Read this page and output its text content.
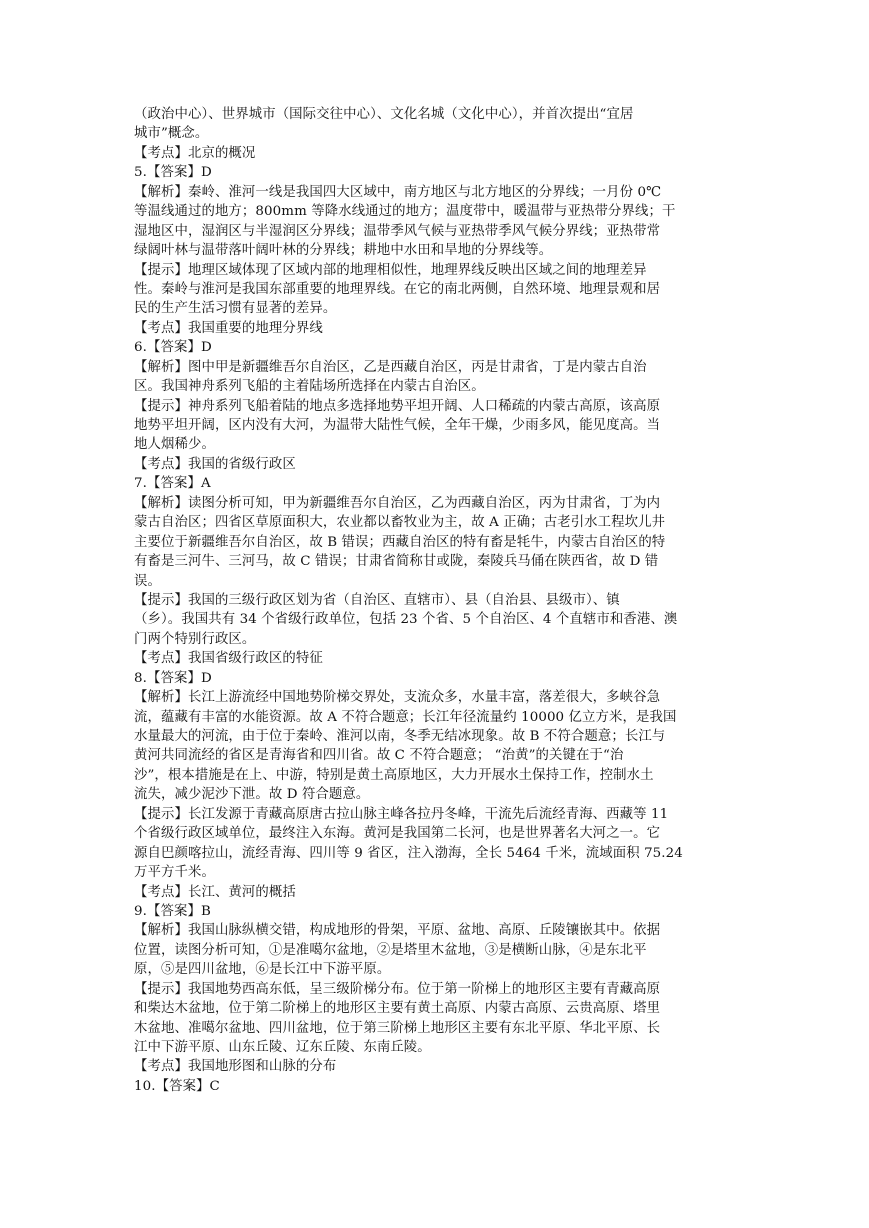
（政治中心）、世界城市（国际交往中心）、文化名城（文化中心），并首次提出“宜居
城市”概念。
【考点】北京的概况
5.【答案】D
【解析】秦岭、淮河一线是我国四大区域中，南方地区与北方地区的分界线；一月份 0℃
等温线通过的地方；800mm 等降水线通过的地方；温度带中，暖温带与亚热带分界线；干
湿地区中，湿润区与半湿润区分界线；温带季风气候与亚热带季风气候分界线；亚热带常
绿阔叶林与温带落叶阔叶林的分界线；耕地中水田和旱地的分界线等。
【提示】地理区域体现了区域内部的地理相似性，地理界线反映出区域之间的地理差异
性。秦岭与淮河是我国东部重要的地理界线。在它的南北两侧，自然环境、地理景观和居
民的生产生活习惯有显著的差异。
【考点】我国重要的地理分界线
6.【答案】D
【解析】图中甲是新疆维吾尔自治区，乙是西藏自治区，丙是甘肃省，丁是内蒙古自治
区。我国神舟系列飞船的主着陆场所选择在内蒙古自治区。
【提示】神舟系列飞船着陆的地点多选择地势平坦开阔、人口稀疏的内蒙古高原，该高原
地势平坦开阔，区内没有大河，为温带大陆性气候，全年干燥，少雨多风，能见度高。当
地人烟稀少。
【考点】我国的省级行政区
7.【答案】A
【解析】读图分析可知，甲为新疆维吾尔自治区，乙为西藏自治区，丙为甘肃省，丁为内
蒙古自治区；四省区草原面积大，农业都以畜牧业为主，故 A 正确；古老引水工程坎儿井
主要位于新疆维吾尔自治区，故 B 错误；西藏自治区的特有畜是牦牛，内蒙古自治区的特
有畜是三河牛、三河马，故 C 错误；甘肃省简称甘或陇，秦陵兵马俑在陕西省，故 D 错
误。
【提示】我国的三级行政区划为省（自治区、直辖市）、县（自治县、县级市）、镇
（乡）。我国共有 34 个省级行政单位，包括 23 个省、5 个自治区、4 个直辖市和香港、澳
门两个特别行政区。
【考点】我国省级行政区的特征
8.【答案】D
【解析】长江上游流经中国地势阶梯交界处，支流众多，水量丰富，落差很大，多峡谷急
流，蕴藏有丰富的水能资源。故 A 不符合题意；长江年径流量约 10000 亿立方米，是我国
水量最大的河流，由于位于秦岭、淮河以南，冬季无结冰现象。故 B 不符合题意；长江与
黄河共同流经的省区是青海省和四川省。故 C 不符合题意； “治黄”的关键在于“治
沙”，根本措施是在上、中游，特别是黄土高原地区，大力开展水土保持工作，控制水土
流失，减少泥沙下泄。故 D 符合题意。
【提示】长江发源于青藏高原唐古拉山脉主峰各拉丹冬峰，干流先后流经青海、西藏等 11
个省级行政区域单位，最终注入东海。黄河是我国第二长河，也是世界著名大河之一。它
源自巴颜喀拉山，流经青海、四川等 9 省区，注入渤海，全长 5464 千米，流域面积 75.24
万平方千米。
【考点】长江、黄河的概括
9.【答案】B
【解析】我国山脉纵横交错，构成地形的骨架，平原、盆地、高原、丘陵镶嵌其中。依据
位置，读图分析可知，①是准噶尔盆地，②是塔里木盆地，③是横断山脉，④是东北平
原，⑤是四川盆地，⑥是长江中下游平原。
【提示】我国地势西高东低，呈三级阶梯分布。位于第一阶梯上的地形区主要有青藏高原
和柴达木盆地，位于第二阶梯上的地形区主要有黄土高原、内蒙古高原、云贵高原、塔里
木盆地、准噶尔盆地、四川盆地，位于第三阶梯上地形区主要有东北平原、华北平原、长
江中下游平原、山东丘陵、辽东丘陵、东南丘陵。
【考点】我国地形图和山脉的分布
10.【答案】C
